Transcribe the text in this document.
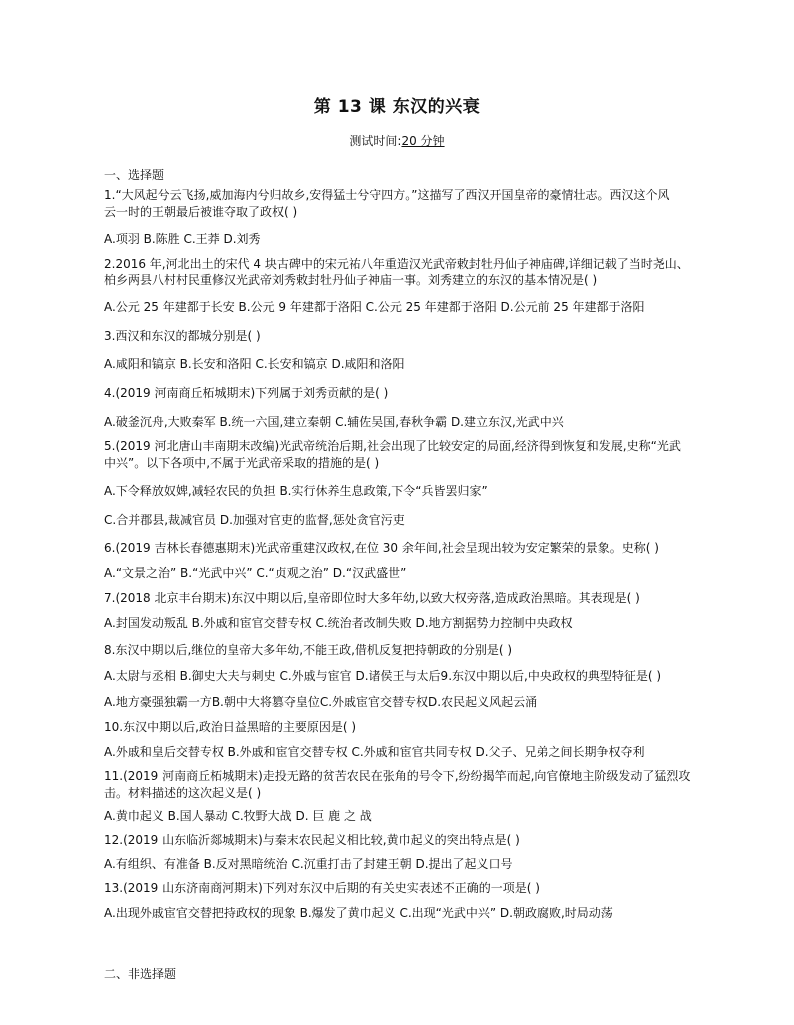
第 13 课 东汉的兴衰
测试时间:20 分钟
一、选择题
1.“大风起兮云飞扬,威加海内兮归故乡,安得猛士兮守四方。”这描写了西汉开国皇帝的豪情壮志。西汉这个风
云一时的王朝最后被谁夺取了政权( )
A.项羽 B.陈胜 C.王莽 D.刘秀
2.2016 年,河北出土的宋代 4 块古碑中的宋元祐八年重造汉光武帝敕封牡丹仙子神庙碑,详细记载了当时尧山、
柏乡两县八村村民重修汉光武帝刘秀敕封牡丹仙子神庙一事。刘秀建立的东汉的基本情况是( )
A.公元 25 年建都于长安 B.公元 9 年建都于洛阳 C.公元 25 年建都于洛阳 D.公元前 25 年建都于洛阳
3.西汉和东汉的都城分别是( )
A.咸阳和镐京 B.长安和洛阳 C.长安和镐京 D.咸阳和洛阳
4.(2019 河南商丘柘城期末)下列属于刘秀贡献的是( )
A.破釜沉舟,大败秦军 B.统一六国,建立秦朝 C.辅佐吴国,春秋争霸 D.建立东汉,光武中兴
5.(2019 河北唐山丰南期末改编)光武帝统治后期,社会出现了比较安定的局面,经济得到恢复和发展,史称“光武
中兴”。以下各项中,不属于光武帝采取的措施的是( )
A.下令释放奴婢,减轻农民的负担 B.实行休养生息政策,下令“兵皆罢归家”
C.合并郡县,裁减官员 D.加强对官吏的监督,惩处贪官污吏
6.(2019 吉林长春德惠期末)光武帝重建汉政权,在位 30 余年间,社会呈现出较为安定繁荣的景象。史称( )
A.“文景之治” B.“光武中兴” C.“贞观之治” D.“汉武盛世”
7.(2018 北京丰台期末)东汉中期以后,皇帝即位时大多年幼,以致大权旁落,造成政治黑暗。其表现是( )
A.封国发动叛乱 B.外戚和宦官交替专权 C.统治者改制失败 D.地方割据势力控制中央政权
8.东汉中期以后,继位的皇帝大多年幼,不能王政,借机反复把持朝政的分别是( )
A.太尉与丞相 B.御史大夫与刺史 C.外戚与宦官 D.诸侯王与太后9.东汉中期以后,中央政权的典型特征是( )
A.地方豪强独霸一方B.朝中大将篡夺皇位C.外戚宦官交替专权D.农民起义风起云涌
10.东汉中期以后,政治日益黑暗的主要原因是( )
A.外戚和皇后交替专权 B.外戚和宦官交替专权 C.外戚和宦官共同专权 D.父子、兄弟之间长期争权夺利
11.(2019 河南商丘柘城期末)走投无路的贫苦农民在张角的号令下,纷纷揭竿而起,向官僚地主阶级发动了猛烈攻
击。材料描述的这次起义是( )
A.黄巾起义 B.国人暴动 C.牧野大战 D. 巨 鹿 之 战
12.(2019 山东临沂郯城期末)与秦末农民起义相比较,黄巾起义的突出特点是( )
A.有组织、有准备 B.反对黑暗统治 C.沉重打击了封建王朝 D.提出了起义口号
13.(2019 山东济南商河期末)下列对东汉中后期的有关史实表述不正确的一项是( )
A.出现外戚宦官交替把持政权的现象 B.爆发了黄巾起义 C.出现“光武中兴” D.朝政腐败,时局动荡
二、非选择题
